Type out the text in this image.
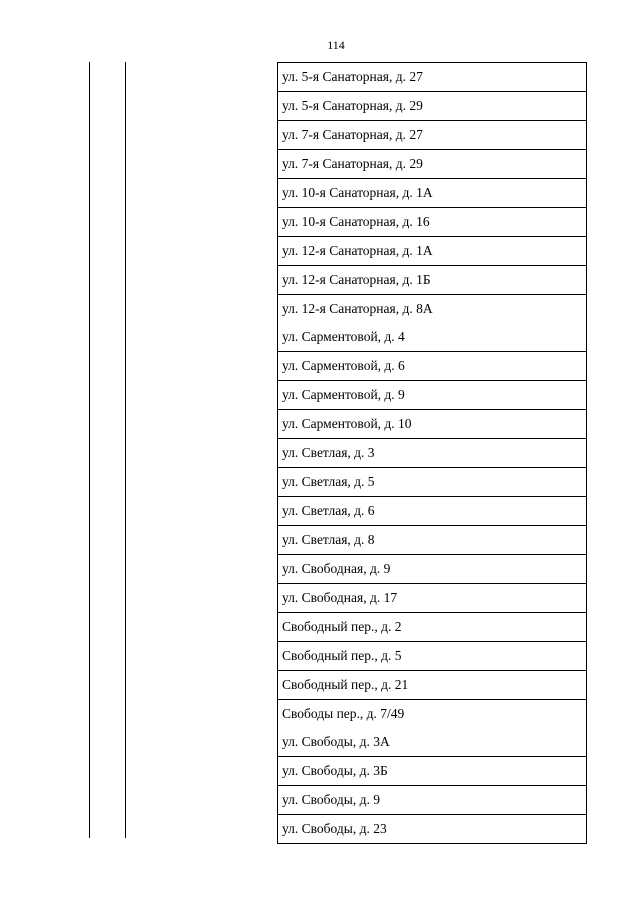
114
ул. 5-я Санаторная, д. 27
ул. 5-я Санаторная, д. 29
ул. 7-я Санаторная, д. 27
ул. 7-я Санаторная, д. 29
ул. 10-я Санаторная, д. 1А
ул. 10-я Санаторная, д. 16
ул. 12-я Санаторная, д. 1А
ул. 12-я Санаторная, д. 1Б
ул. 12-я Санаторная, д. 8А
ул. Сарментовой, д. 4
ул. Сарментовой, д. 6
ул. Сарментовой, д. 9
ул. Сарментовой, д. 10
ул. Светлая, д. 3
ул. Светлая, д. 5
ул. Светлая, д. 6
ул. Светлая, д. 8
ул. Свободная, д. 9
ул. Свободная, д. 17
Свободный пер., д. 2
Свободный пер., д. 5
Свободный пер., д. 21
Свободы пер., д. 7/49
ул. Свободы, д. 3А
ул. Свободы, д. 3Б
ул. Свободы, д. 9
ул. Свободы, д. 23
